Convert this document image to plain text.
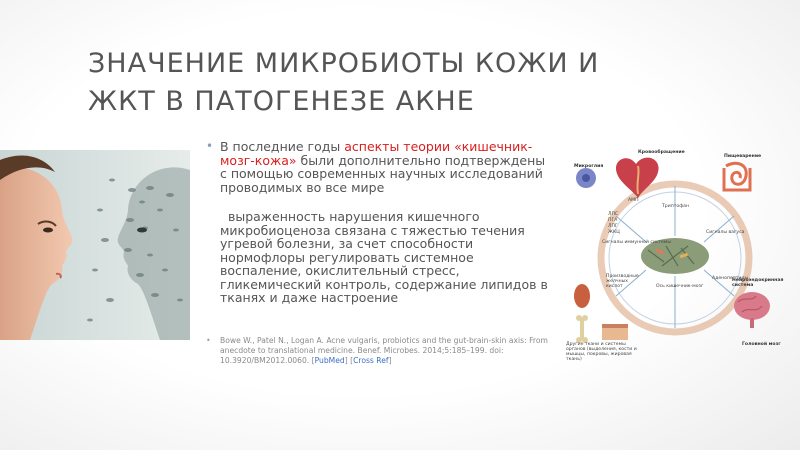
ЗНАЧЕНИЕ МИКРОБИОТЫ КОЖИ И
ЖКТ В ПАТОГЕНЕЗЕ АКНЕ
• В последние годы аспекты теории «кишечник-мозг-кожа» были дополнительно подтверждены с помощью современных научных исследований проводимых во все мире
выраженность нарушения кишечного микробиоценоза связана с тяжестью течения угревой болезни, за счет способности нормофлоры регулировать системное воспаление, окислительный стресс, гликемический контроль, содержание липидов в тканях и даже настроение
• Bowe W., Patel N., Logan A. Acne vulgaris, probiotics and the gut-brain-skin axis: From anecdote to translational medicine. Benef. Microbes. 2014;5:185–199. doi: 10.3920/BM2012.0060. [PubMed] [Cross Ref]
Микроглия
Кровообращение
Пищеварение
Нейроэндокринная система
Головной мозг
Другие ткани и системы органов (выделения, кости и мышцы, покровы, жировая ткань)
АМП
Триптофан
ЛПС
ПГА
ЛПГ
ЖКЦ
Сигналы иммунной системы
Сигналы вагуса
Производные желчных кислот
Аденопептиды
Ось кишечник-мозг
